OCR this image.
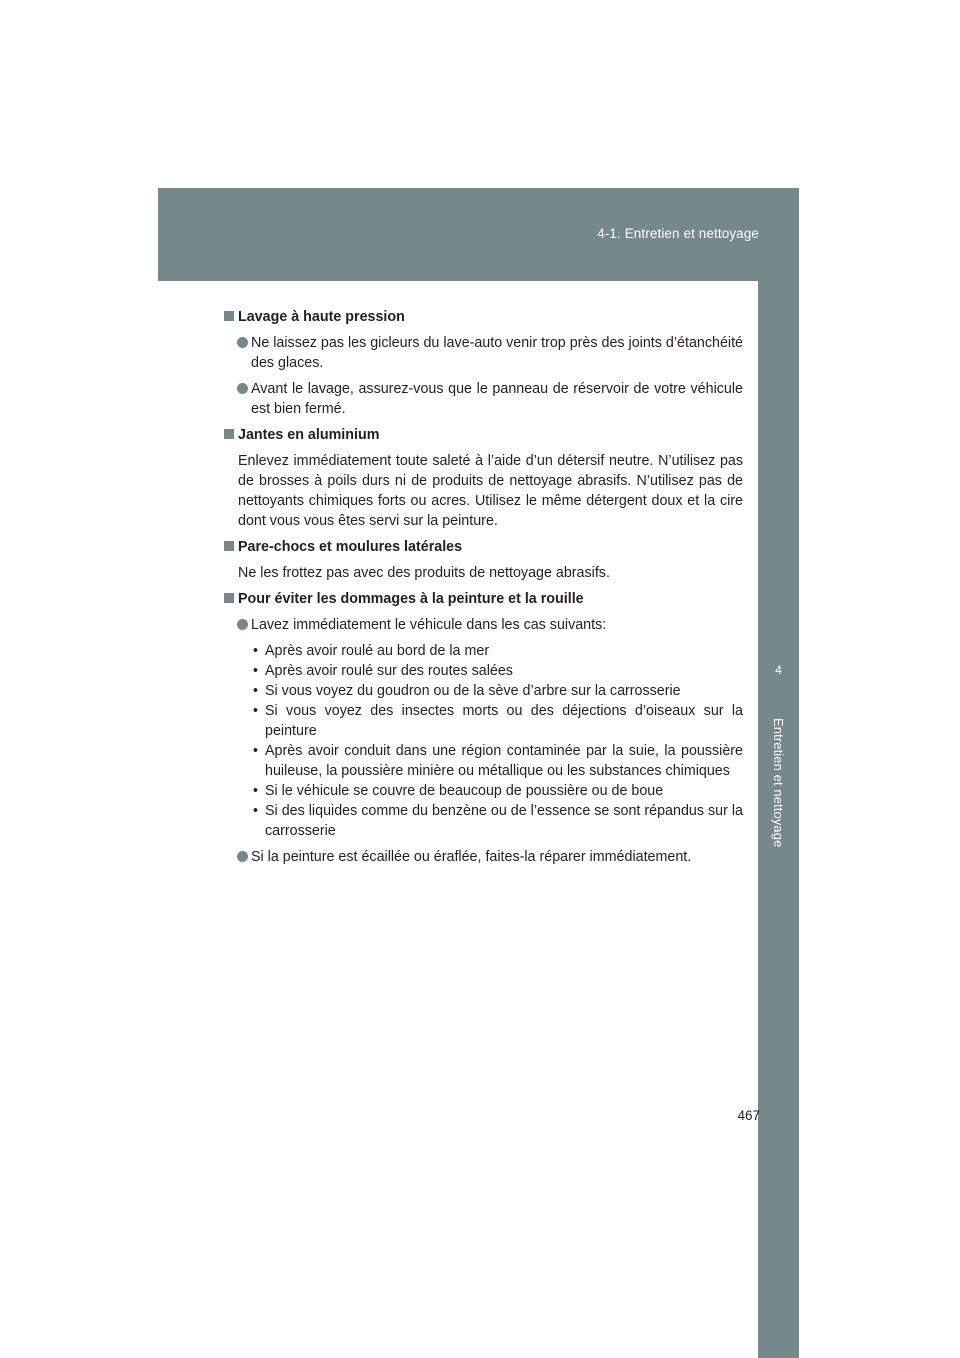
4-1. Entretien et nettoyage
4
Entretien et nettoyage
Lavage à haute pression
Ne laissez pas les gicleurs du lave-auto venir trop près des joints d’étanchéité des glaces.
Avant le lavage, assurez-vous que le panneau de réservoir de votre véhicule est bien fermé.
Jantes en aluminium
Enlevez immédiatement toute saleté à l’aide d’un détersif neutre. N’utilisez pas de brosses à poils durs ni de produits de nettoyage abrasifs. N’utilisez pas de nettoyants chimiques forts ou acres. Utilisez le même détergent doux et la cire dont vous vous êtes servi sur la peinture.
Pare-chocs et moulures latérales
Ne les frottez pas avec des produits de nettoyage abrasifs.
Pour éviter les dommages à la peinture et la rouille
Lavez immédiatement le véhicule dans les cas suivants:
• Après avoir roulé au bord de la mer
• Après avoir roulé sur des routes salées
• Si vous voyez du goudron ou de la sève d’arbre sur la carrosserie
• Si vous voyez des insectes morts ou des déjections d’oiseaux sur la peinture
• Après avoir conduit dans une région contaminée par la suie, la poussière huileuse, la poussière minière ou métallique ou les substances chimiques
• Si le véhicule se couvre de beaucoup de poussière ou de boue
• Si des liquides comme du benzène ou de l’essence se sont répandus sur la carrosserie
Si la peinture est écaillée ou éraflée, faites-la réparer immédiatement.
467
